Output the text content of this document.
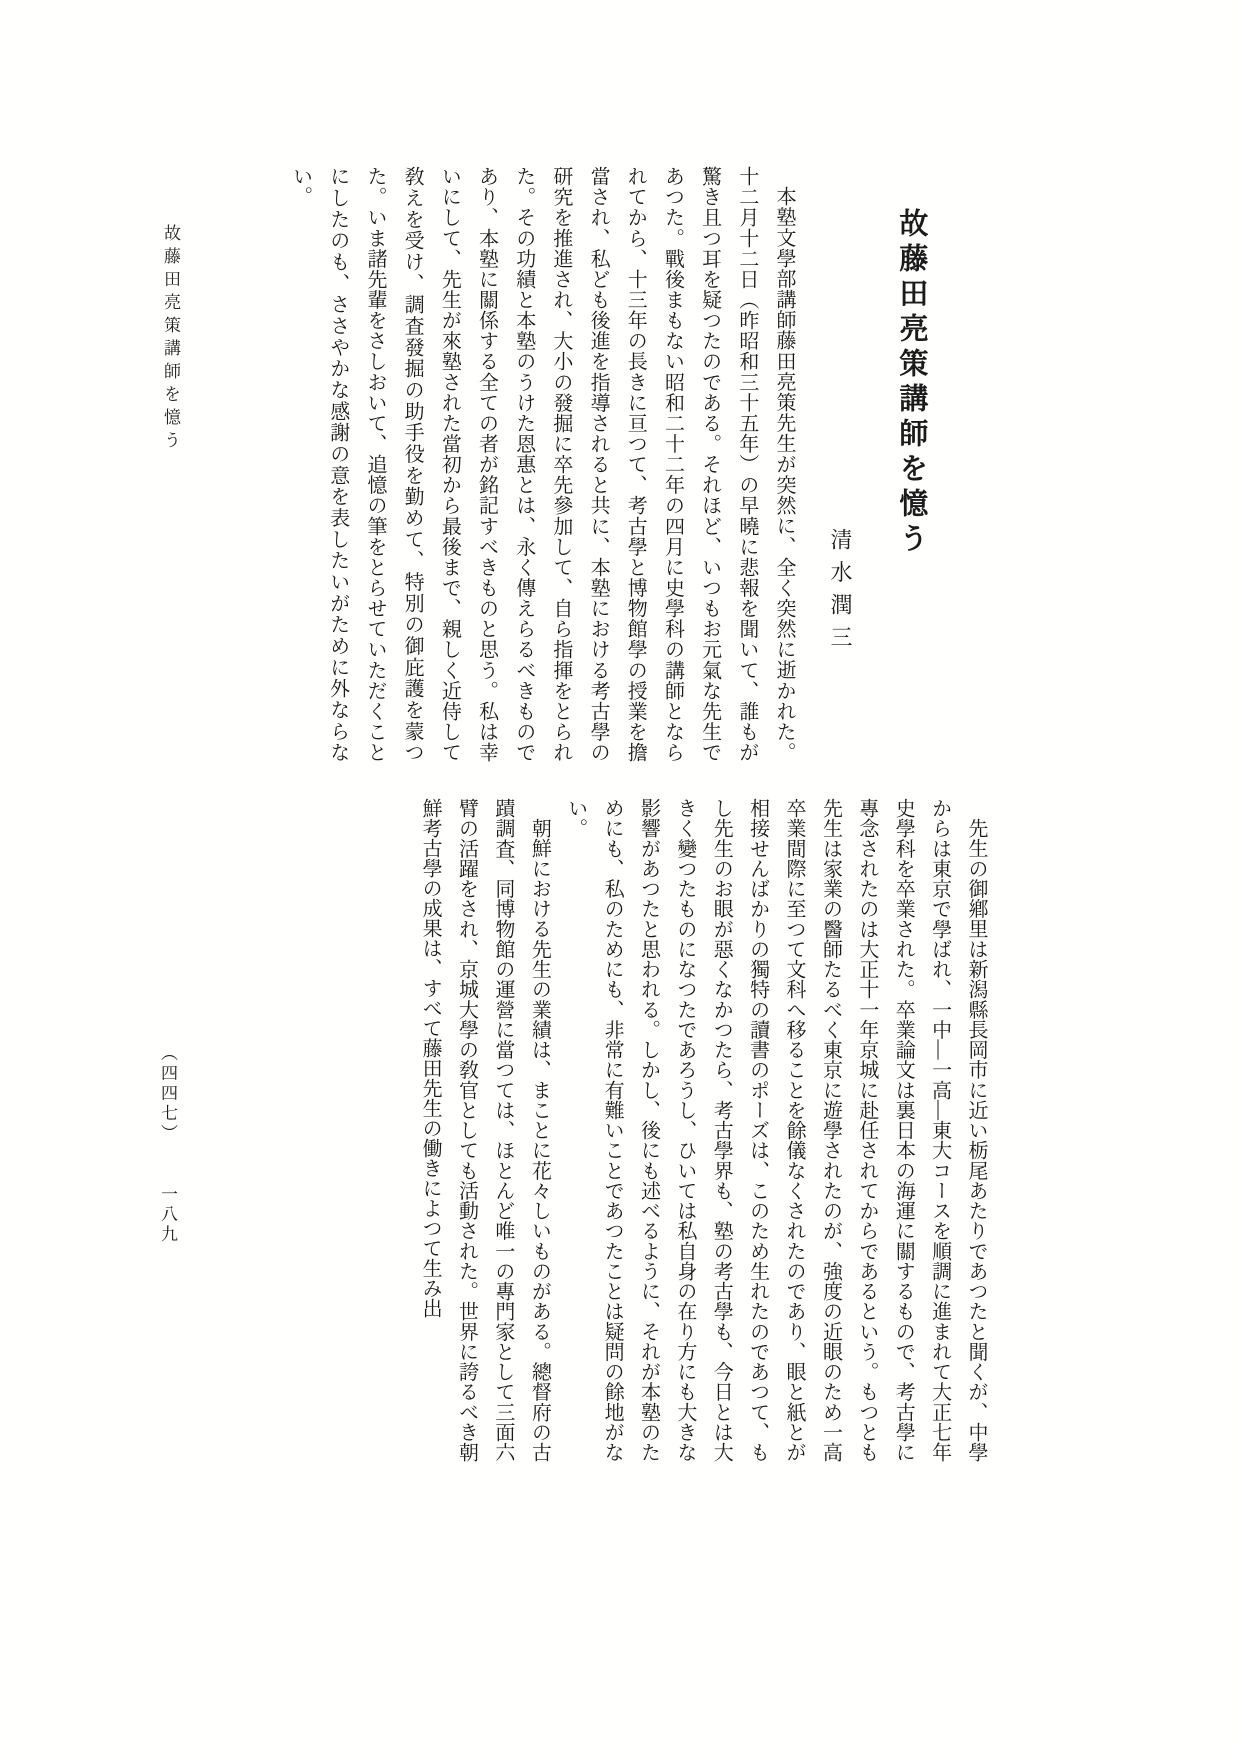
故藤田亮策講師を憶う	故藤田亮策講師を憶う
清水潤三

本塾文學部講師藤田亮策先生が突然に、全く突然に逝かれた。十二月十二日（昨昭和三十五年）の早曉に悲報を聞いて、誰もが驚き且つ耳を疑つたのである。それほど、いつもお元氣な先生であつた。戰後まもない昭和二十二年の四月に史學科の講師となられてから、十三年の長きに亘つて、考古學と博物館學の授業を擔當され、私ども後進を指導されると共に、本塾における考古學の研究を推進され、大小の發掘に卒先參加して、自ら指揮をとられた。その功績と本塾のうけた恩惠とは、永く傳えらるべきものであり、本塾に關係する全ての者が銘記すべきものと思う。私は幸いにして、先生が來塾された當初から最後まで、親しく近侍して敎えを受け、調査發掘の助手役を勤めて、特別の御庇護を蒙つた。いま諸先輩をさしおいて、追憶の筆をとらせていただくことにしたのも、ささやかな感謝の意を表したいがために外ならない。

先生の御鄕里は新潟縣長岡市に近い栃尾あたりであつたと聞くが、中學からは東京で學ばれ、一中―一高―東大コースを順調に進まれて大正七年史學科を卒業された。卒業論文は裏日本の海運に關するもので、考古學に專念されたのは大正十一年京城に赴任されてからであるという。もつとも先生は家業の醫師たるべく東京に遊學されたのが、強度の近眼のため一高卒業間際に至つて文科へ移ることを餘儀なくされたのであり、眼と紙とが相接せんばかりの獨特の讀書のポーズは、このため生れたのであつて、もし先生のお眼が惡くなかつたら、考古學界も、塾の考古學も、今日とは大きく變つたものになつたであろうし、ひいては私自身の在り方にも大きな影響があつたと思われる。しかし、後にも述べるように、それが本塾のためにも、私のためにも、非常に有難いことであつたことは疑問の餘地がない。

朝鮮における先生の業績は、まことに花々しいものがある。總督府の古蹟調査、同博物館の運營に當つては、ほとんど唯一の專門家として三面六臂の活躍をされ、京城大學の敎官としても活動された。世界に誇るべき朝鮮考古學の成果は、すべて藤田先生の働きによつて生み出

（四四七） 一八九
